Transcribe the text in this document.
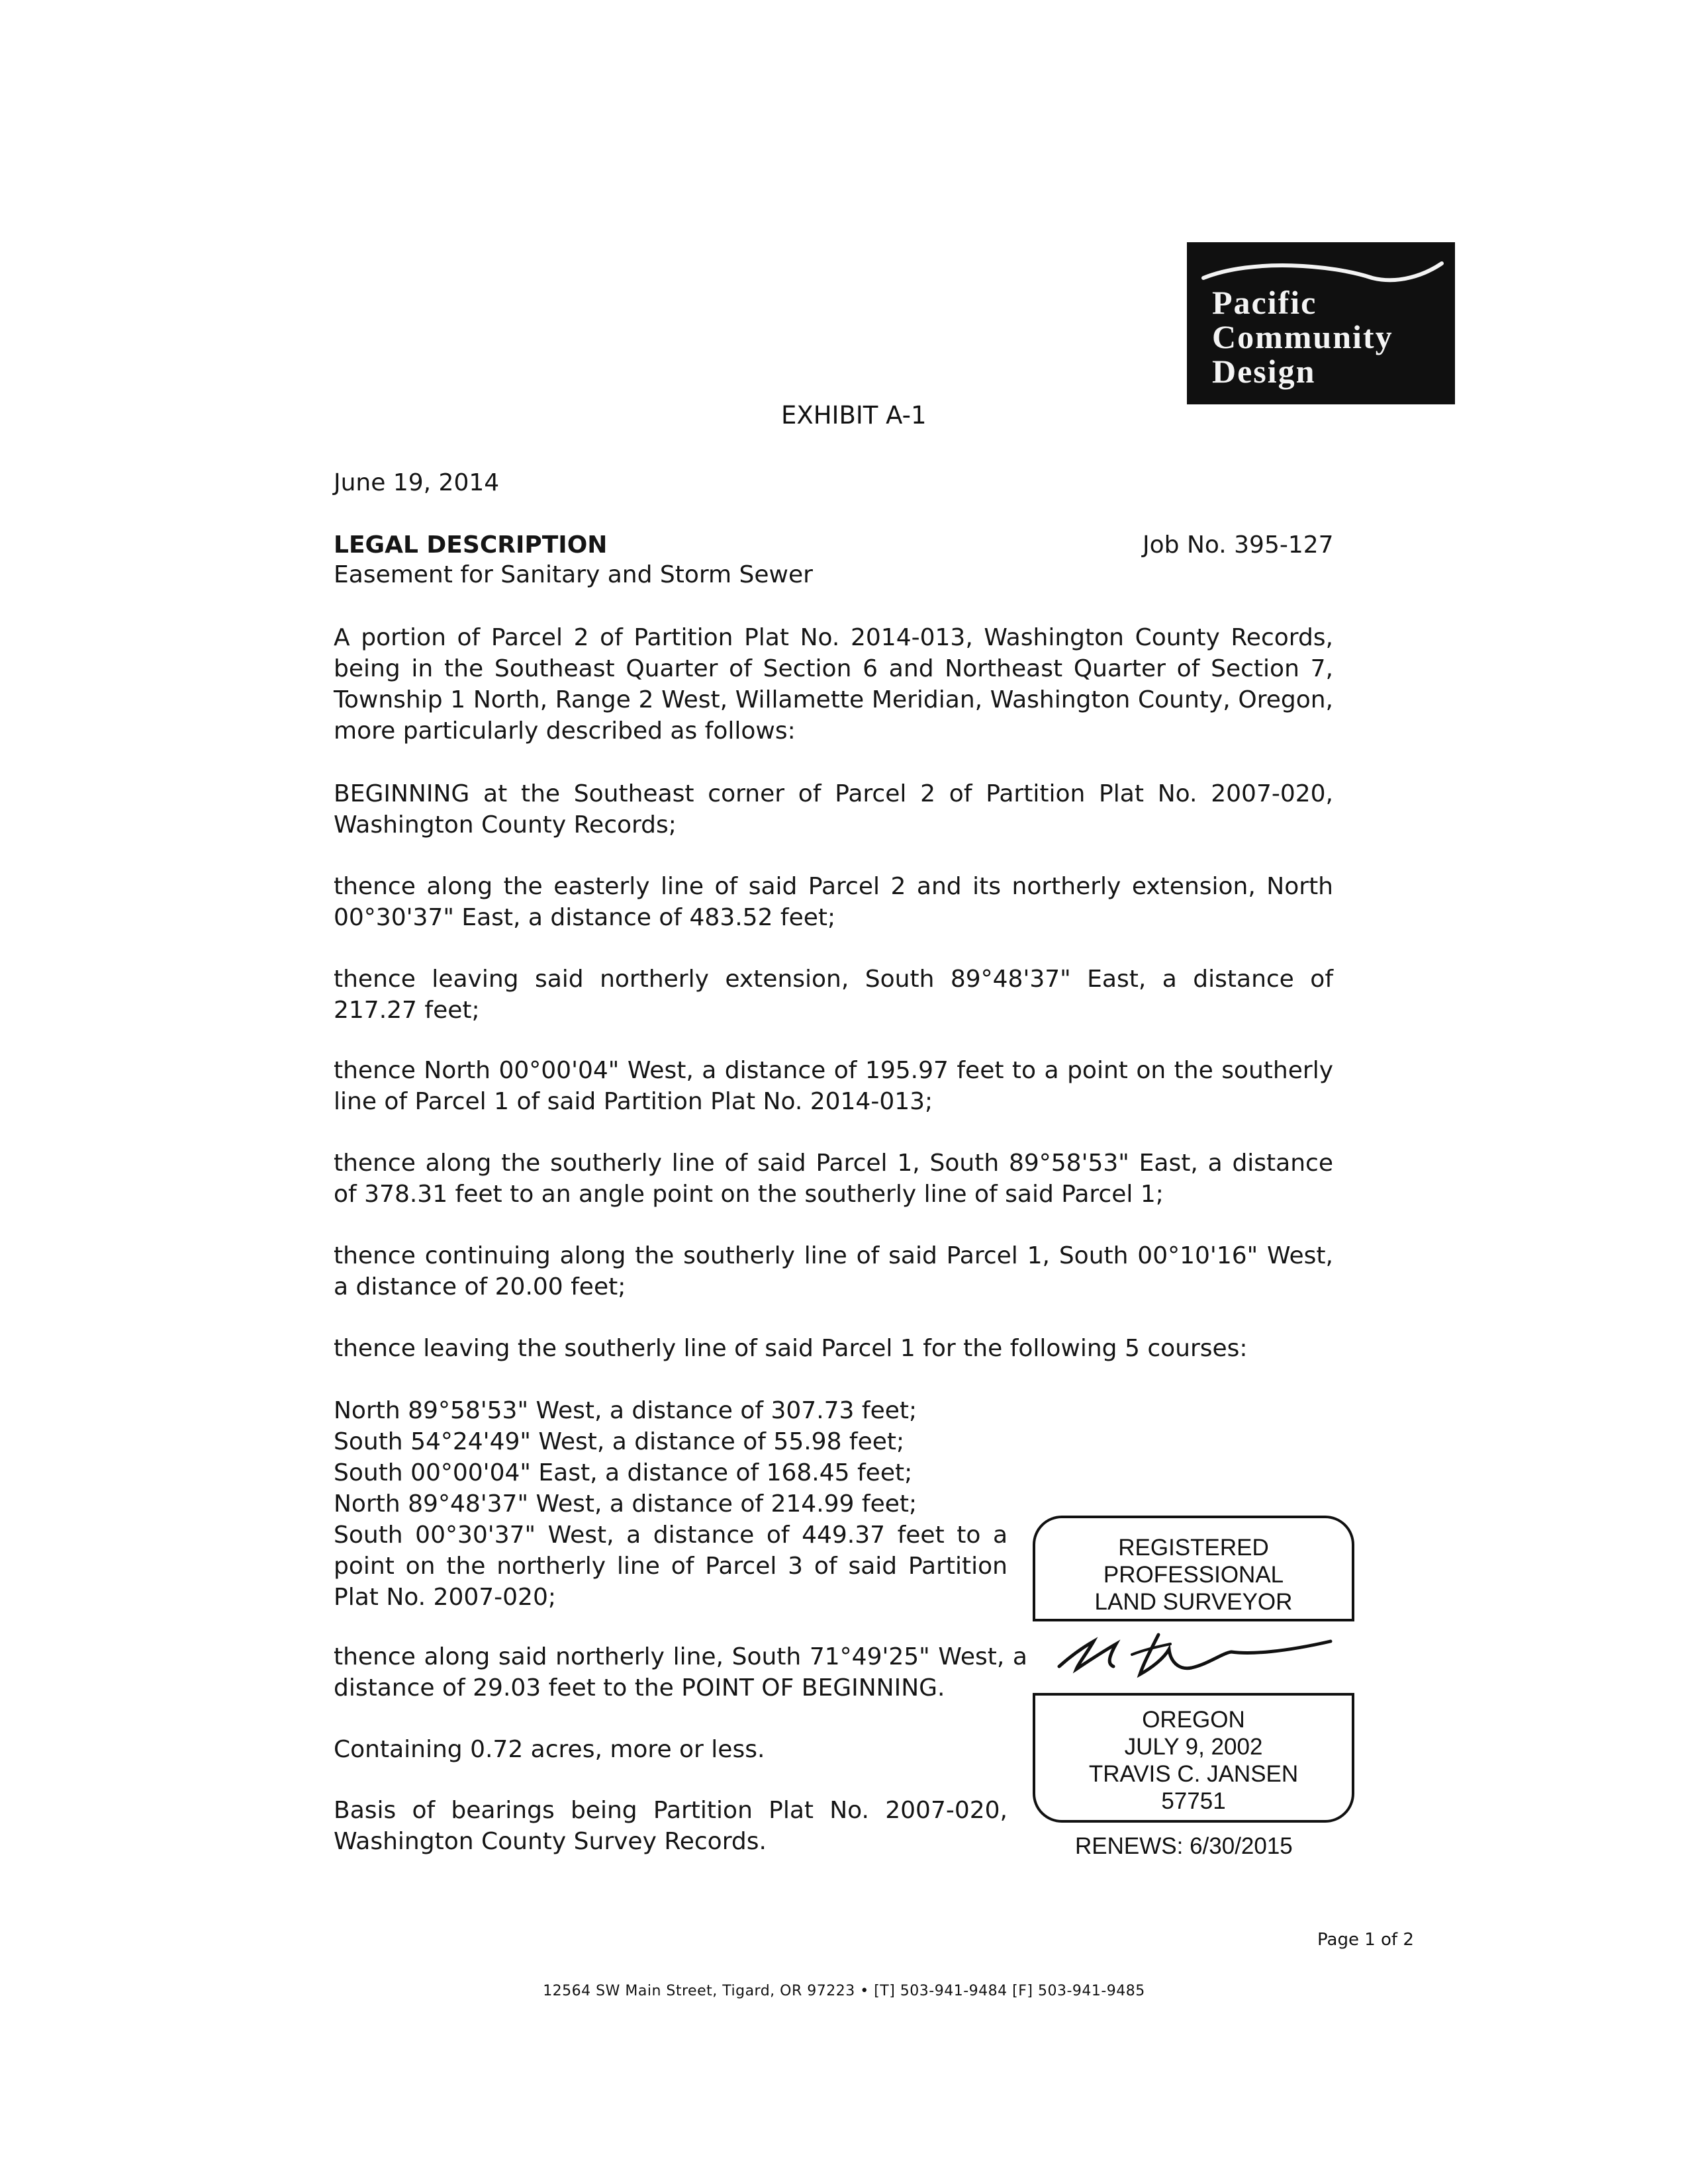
Pacific
Community
Design
EXHIBIT A-1
June 19, 2014
LEGAL DESCRIPTION	Job No. 395-127
Easement for Sanitary and Storm Sewer
A portion of Parcel 2 of Partition Plat No. 2014-013, Washington County Records, being in the Southeast Quarter of Section 6 and Northeast Quarter of Section 7, Township 1 North, Range 2 West, Willamette Meridian, Washington County, Oregon, more particularly described as follows:
BEGINNING at the Southeast corner of Parcel 2 of Partition Plat No. 2007-020, Washington County Records;
thence along the easterly line of said Parcel 2 and its northerly extension, North 00°30'37" East, a distance of 483.52 feet;
thence leaving said northerly extension, South 89°48'37" East, a distance of 217.27 feet;
thence North 00°00'04" West, a distance of 195.97 feet to a point on the southerly line of Parcel 1 of said Partition Plat No. 2014-013;
thence along the southerly line of said Parcel 1, South 89°58'53" East, a distance of 378.31 feet to an angle point on the southerly line of said Parcel 1;
thence continuing along the southerly line of said Parcel 1, South 00°10'16" West, a distance of 20.00 feet;
thence leaving the southerly line of said Parcel 1 for the following 5 courses:
North 89°58'53" West, a distance of 307.73 feet;
South 54°24'49" West, a distance of 55.98 feet;
South 00°00'04" East, a distance of 168.45 feet;
North 89°48'37" West, a distance of 214.99 feet;
South 00°30'37" West, a distance of 449.37 feet to a point on the northerly line of Parcel 3 of said Partition Plat No. 2007-020;
thence along said northerly line, South 71°49'25" West, a distance of 29.03 feet to the POINT OF BEGINNING.
Containing 0.72 acres, more or less.
Basis of bearings being Partition Plat No. 2007-020, Washington County Survey Records.
REGISTERED
PROFESSIONAL
LAND SURVEYOR
OREGON
JULY 9, 2002
TRAVIS C. JANSEN
57751
RENEWS: 6/30/2015
Page 1 of 2
12564 SW Main Street, Tigard, OR 97223 • [T] 503-941-9484 [F] 503-941-9485
